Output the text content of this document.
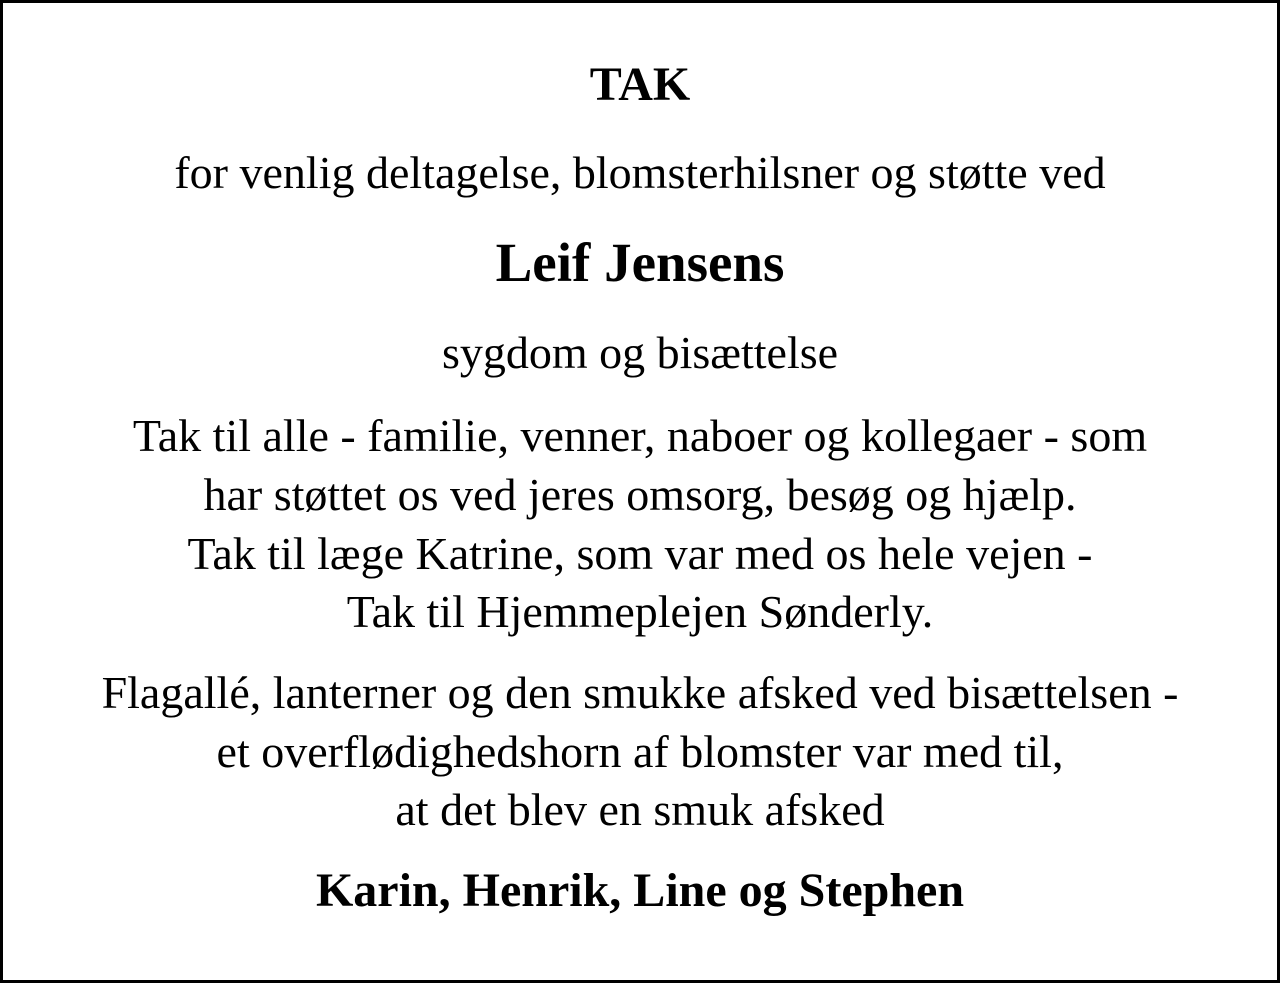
TAK
for venlig deltagelse, blomsterhilsner og støtte ved
Leif Jensens
sygdom og bisættelse
Tak til alle - familie, venner, naboer og kollegaer - som
har støttet os ved jeres omsorg, besøg og hjælp.
Tak til læge Katrine, som var med os hele vejen -
Tak til Hjemmeplejen Sønderly.
Flagallé, lanterner og den smukke afsked ved bisættelsen -
et overflødighedshorn af blomster var med til,
at det blev en smuk afsked
Karin, Henrik, Line og Stephen
